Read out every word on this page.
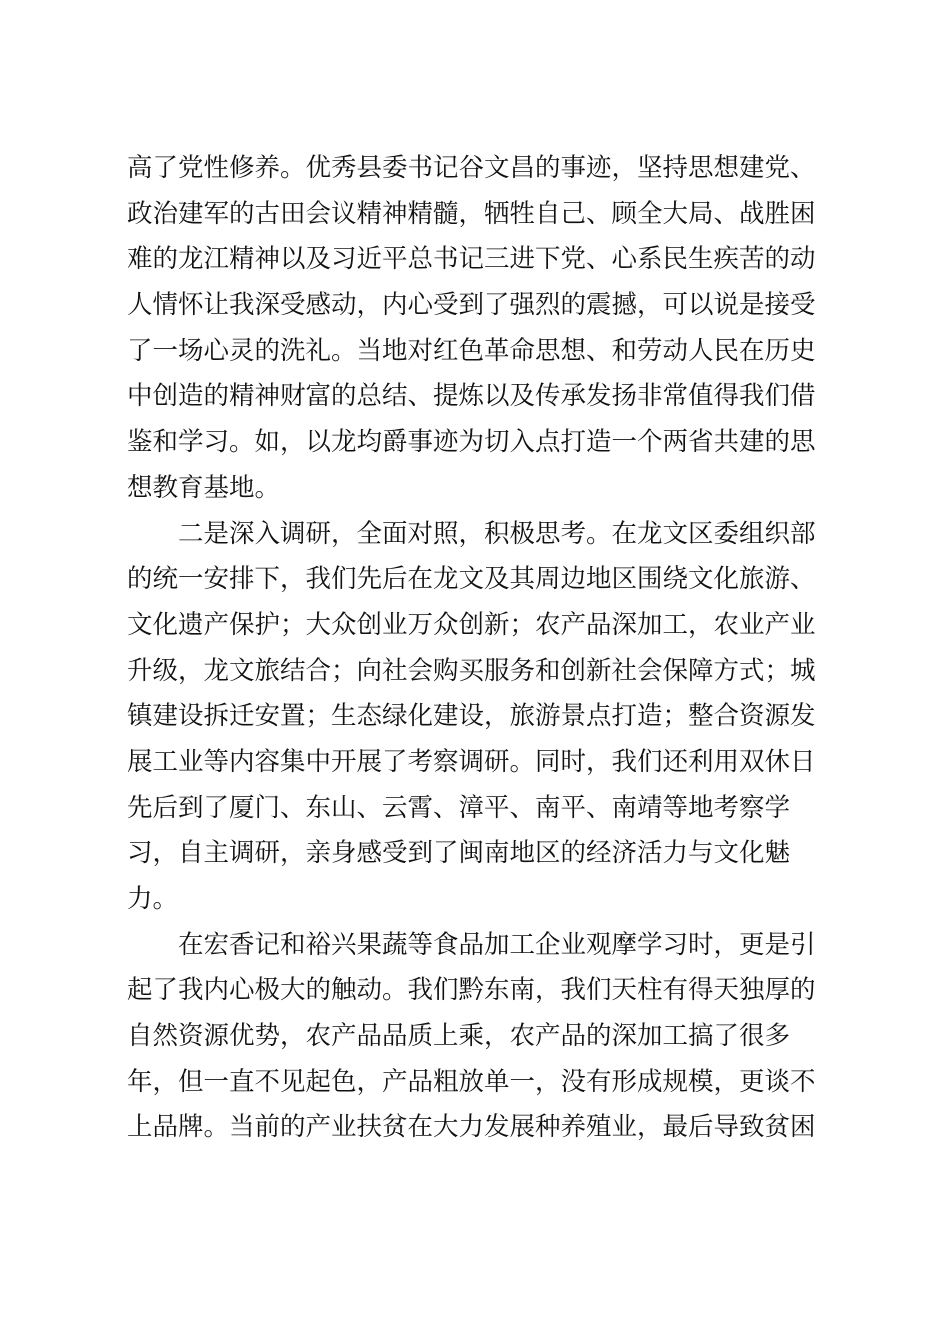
高了党性修养。优秀县委书记谷文昌的事迹，坚持思想建党、
政治建军的古田会议精神精髓，牺牲自己、顾全大局、战胜困
难的龙江精神以及习近平总书记三进下党、心系民生疾苦的动
人情怀让我深受感动，内心受到了强烈的震撼，可以说是接受
了一场心灵的洗礼。当地对红色革命思想、和劳动人民在历史
中创造的精神财富的总结、提炼以及传承发扬非常值得我们借
鉴和学习。如，以龙均爵事迹为切入点打造一个两省共建的思
想教育基地。
　　二是深入调研，全面对照，积极思考。在龙文区委组织部
的统一安排下，我们先后在龙文及其周边地区围绕文化旅游、
文化遗产保护；大众创业万众创新；农产品深加工，农业产业
升级，龙文旅结合；向社会购买服务和创新社会保障方式；城
镇建设拆迁安置；生态绿化建设，旅游景点打造；整合资源发
展工业等内容集中开展了考察调研。同时，我们还利用双休日
先后到了厦门、东山、云霄、漳平、南平、南靖等地考察学
习，自主调研，亲身感受到了闽南地区的经济活力与文化魅
力。
　　在宏香记和裕兴果蔬等食品加工企业观摩学习时，更是引
起了我内心极大的触动。我们黔东南，我们天柱有得天独厚的
自然资源优势，农产品品质上乘，农产品的深加工搞了很多
年，但一直不见起色，产品粗放单一，没有形成规模，更谈不
上品牌。当前的产业扶贫在大力发展种养殖业，最后导致贫困
